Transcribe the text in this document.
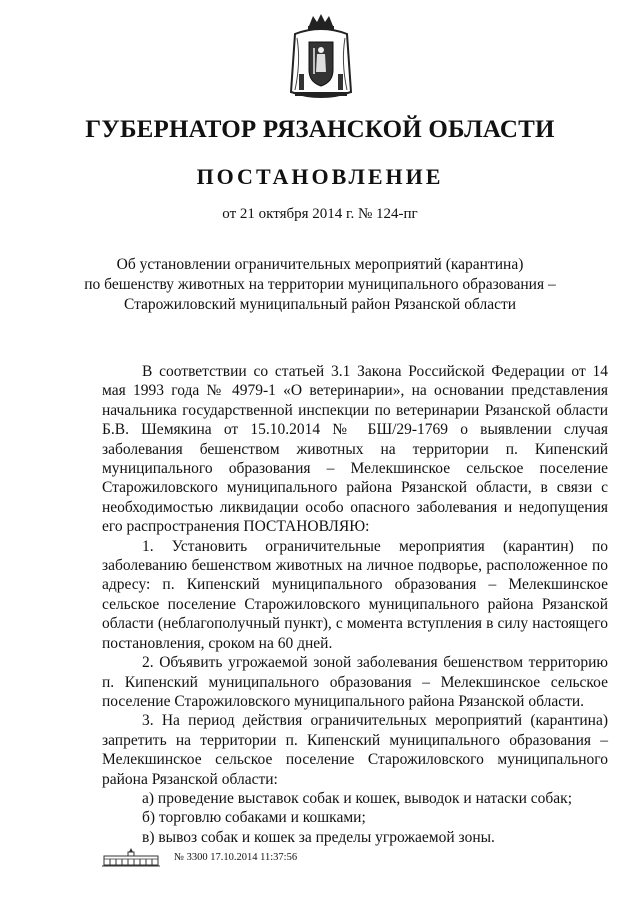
ГУБЕРНАТОР РЯЗАНСКОЙ ОБЛАСТИ
ПОСТАНОВЛЕНИЕ
от 21 октября 2014 г. № 124-пг
Об установлении ограничительных мероприятий (карантина)
по бешенству животных на территории муниципального образования –
Старожиловский муниципальный район Рязанской области

В соответствии со статьей 3.1 Закона Российской Федерации от 14 мая 1993 года № 4979-1 «О ветеринарии», на основании представления начальника государственной инспекции по ветеринарии Рязанской области Б.В. Шемякина от 15.10.2014 № БШ/29-1769 о выявлении случая заболевания бешенством животных на территории п. Кипенский муниципального образования – Мелекшинское сельское поселение Старожиловского муниципального района Рязанской области, в связи с необходимостью ликвидации особо опасного заболевания и недопущения его распространения ПОСТАНОВЛЯЮ:

1. Установить ограничительные мероприятия (карантин) по заболеванию бешенством животных на личное подворье, расположенное по адресу: п. Кипенский муниципального образования – Мелекшинское сельское поселение Старожиловского муниципального района Рязанской области (неблагополучный пункт), с момента вступления в силу настоящего постановления, сроком на 60 дней.

2. Объявить угрожаемой зоной заболевания бешенством территорию п. Кипенский муниципального образования – Мелекшинское сельское поселение Старожиловского муниципального района Рязанской области.

3. На период действия ограничительных мероприятий (карантина) запретить на территории п. Кипенский муниципального образования – Мелекшинское сельское поселение Старожиловского муниципального района Рязанской области:

а) проведение выставок собак и кошек, выводок и натаски собак;

б) торговлю собаками и кошками;

в) вывоз собак и кошек за пределы угрожаемой зоны.

№ 3300 17.10.2014 11:37:56
